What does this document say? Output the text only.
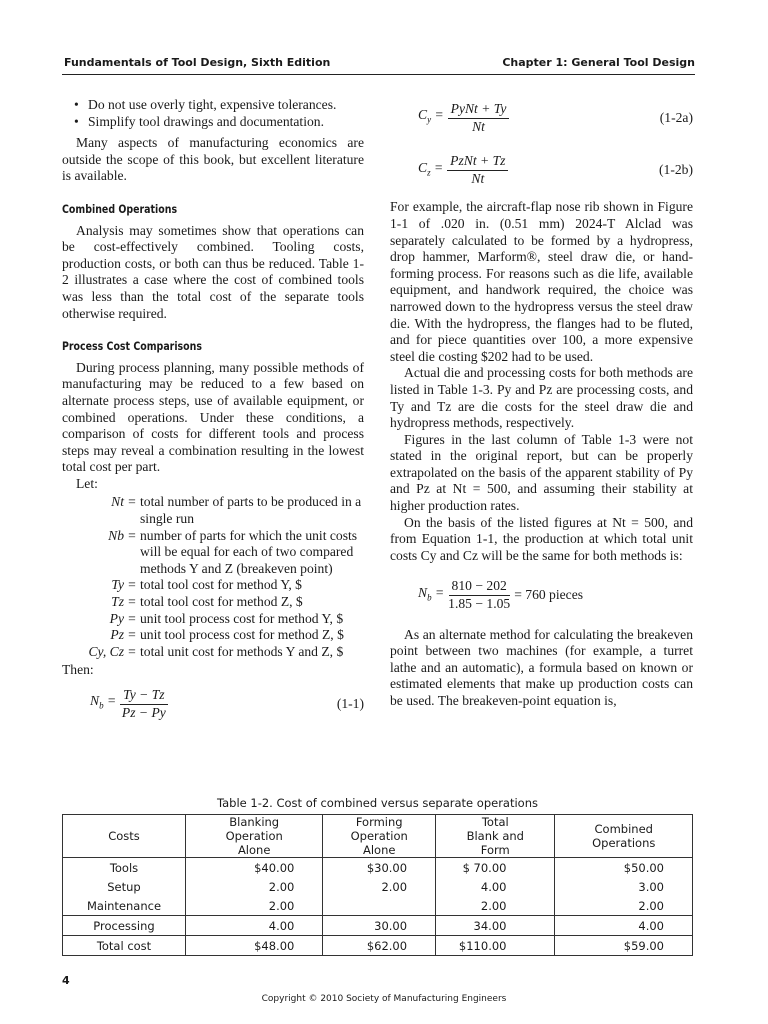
Fundamentals of Tool Design, Sixth Edition	Chapter 1: General Tool Design
• Do not use overly tight, expensive tolerances.
• Simplify tool drawings and documentation.

Many aspects of manufacturing economics are outside the scope of this book, but excellent literature is available.

Combined Operations

Analysis may sometimes show that operations can be cost-effectively combined. Tooling costs, production costs, or both can thus be reduced. Table 1-2 illustrates a case where the cost of combined tools was less than the total cost of the separate tools otherwise required.

Process Cost Comparisons

During process planning, many possible methods of manufacturing may be reduced to a few based on alternate process steps, use of available equipment, or combined operations. Under these conditions, a comparison of costs for different tools and process steps may reveal a combination resulting in the lowest total cost per part.

Let:

Nt = total number of parts to be produced in a single run
Nb = number of parts for which the unit costs will be equal for each of two compared methods Y and Z (breakeven point)
Ty = total tool cost for method Y, $
Tz = total tool cost for method Z, $
Py = unit tool process cost for method Y, $
Pz = unit tool process cost for method Z, $
Cy, Cz = total unit cost for methods Y and Z, $

Then:

$N_b = \frac{Ty - Tz}{Pz - Py}$	(1-1)
$C_y = \frac{\text{PyNt + Ty}}{Nt}$	(1-2a)
$C_z = \frac{\text{PzNt + Tz}}{Nt}$	(1-2b)

For example, the aircraft-flap nose rib shown in Figure 1-1 of .020 in. (0.51 mm) 2024-T Alclad was separately calculated to be formed by a hydropress, drop hammer, Marform®, steel draw die, or hand-forming process. For reasons such as die life, available equipment, and handwork required, the choice was narrowed down to the hydropress versus the steel draw die. With the hydropress, the flanges had to be fluted, and for piece quantities over 100, a more expensive steel die costing $202 had to be used.

Actual die and processing costs for both methods are listed in Table 1-3. Py and Pz are processing costs, and Ty and Tz are die costs for the steel draw die and hydropress methods, respectively.

Figures in the last column of Table 1-3 were not stated in the original report, but can be properly extrapolated on the basis of the apparent stability of Py and Pz at Nt = 500, and assuming their stability at higher production rates.

On the basis of the listed figures at Nt = 500, and from Equation 1-1, the production at which total unit costs Cy and Cz will be the same for both methods is:

$N_b = \frac{810 - 202}{1.85 - 1.05} = 760$ pieces

As an alternate method for calculating the breakeven point between two machines (for example, a turret lathe and an automatic), a formula based on known or estimated elements that make up production costs can be used. The breakeven-point equation is,

Table 1-2. Cost of combined versus separate operations
Costs	Blanking Operation Alone	Forming Operation Alone	Total Blank and Form	Combined Operations
Tools	$40.00	$30.00	$ 70.00	$50.00
Setup	2.00	2.00	4.00	3.00
Maintenance	2.00		2.00	2.00
Processing	4.00	30.00	34.00	4.00
Total cost	$48.00	$62.00	$110.00	$59.00
4
Copyright © 2010 Society of Manufacturing Engineers
